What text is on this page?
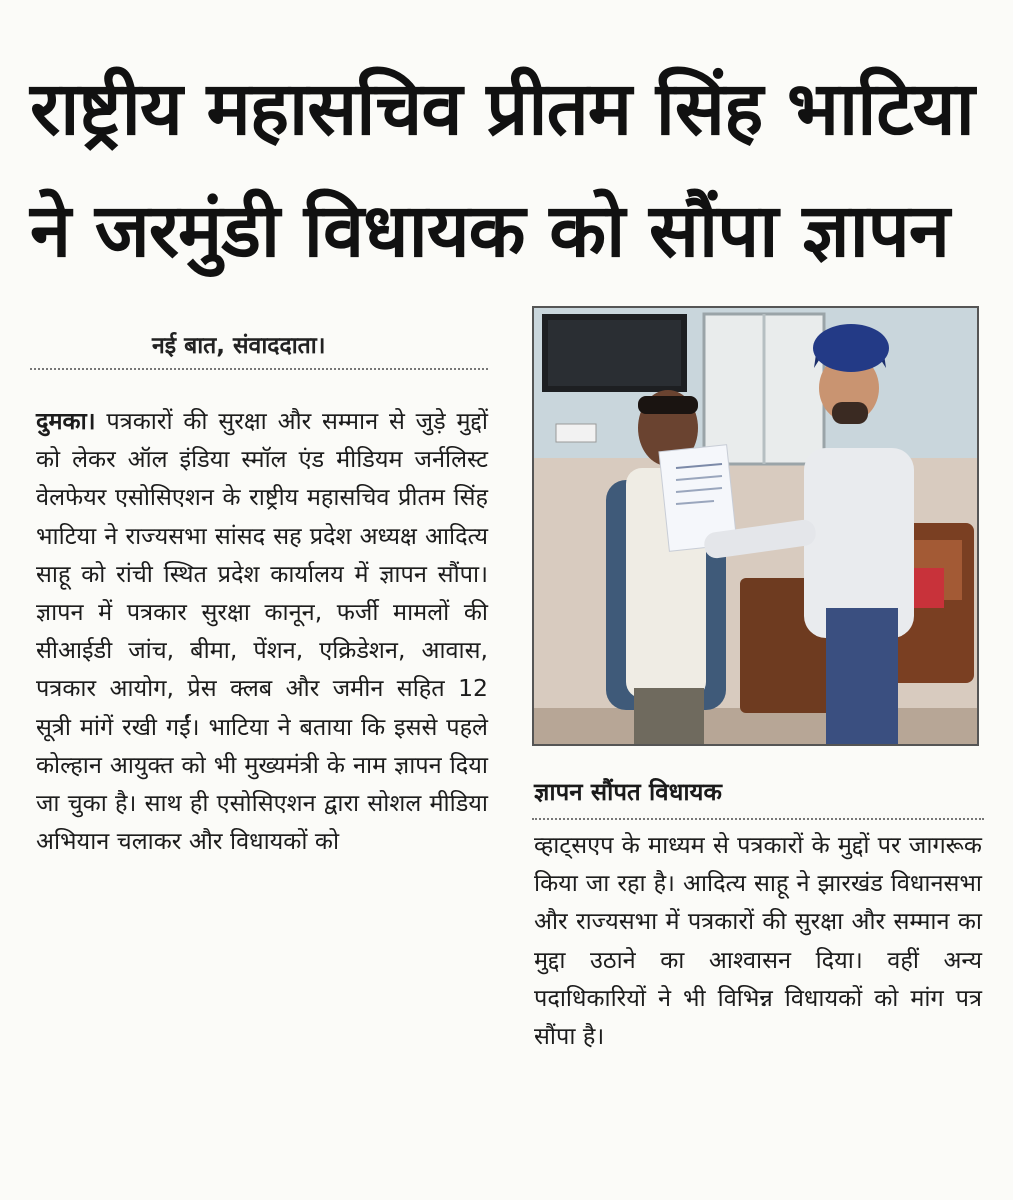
राष्ट्रीय महासचिव प्रीतम सिंह भाटिया
ने जरमुंडी विधायक को सौंपा ज्ञापन
नई बात, संवाददाता।

दुमका। पत्रकारों की सुरक्षा और सम्मान से जुड़े मुद्दों को लेकर ऑल इंडिया स्मॉल एंड मीडियम जर्नलिस्ट वेलफेयर एसोसिएशन के राष्ट्रीय महासचिव प्रीतम सिंह भाटिया ने राज्यसभा सांसद सह प्रदेश अध्यक्ष आदित्य साहू को रांची स्थित प्रदेश कार्यालय में ज्ञापन सौंपा। ज्ञापन में पत्रकार सुरक्षा कानून, फर्जी मामलों की सीआईडी जांच, बीमा, पेंशन, एक्रिडेशन, आवास, पत्रकार आयोग, प्रेस क्लब और जमीन सहित 12 सूत्री मांगें रखी गईं। भाटिया ने बताया कि इससे पहले कोल्हान आयुक्त को भी मुख्यमंत्री के नाम ज्ञापन दिया जा चुका है। साथ ही एसोसिएशन द्वारा सोशल मीडिया अभियान चलाकर और विधायकों को

ज्ञापन सौंपत विधायक

व्हाट्सएप के माध्यम से पत्रकारों के मुद्दों पर जागरूक किया जा रहा है। आदित्य साहू ने झारखंड विधानसभा और राज्यसभा में पत्रकारों की सुरक्षा और सम्मान का मुद्दा उठाने का आश्वासन दिया। वहीं अन्य पदाधिकारियों ने भी विभिन्न विधायकों को मांग पत्र सौंपा है।
